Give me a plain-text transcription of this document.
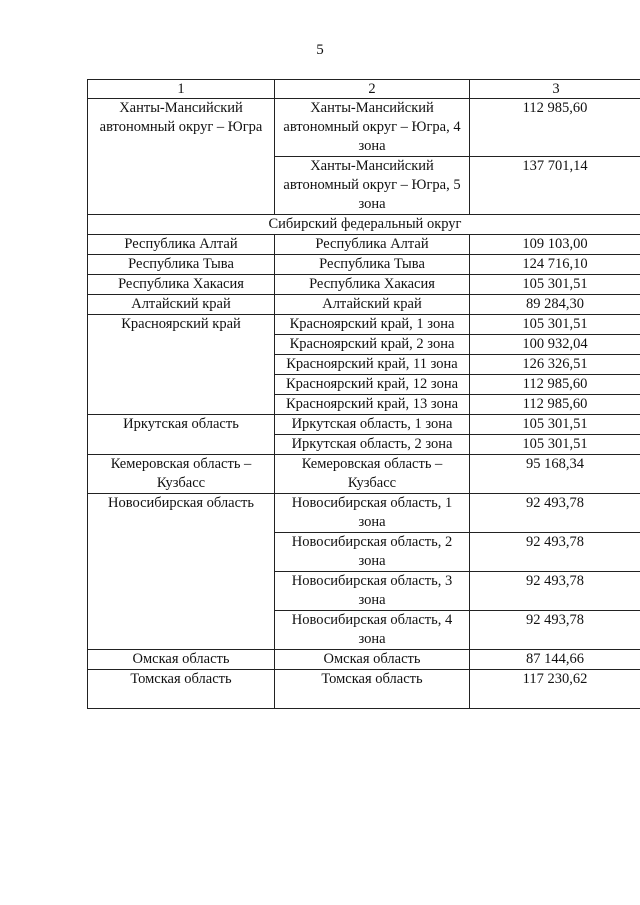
5
1	2	3
Ханты-Мансийский автономный округ – Югра	Ханты-Мансийский автономный округ – Югра, 4 зона	112 985,60
	Ханты-Мансийский автономный округ – Югра, 5 зона	137 701,14
Сибирский федеральный округ		
Республика Алтай	Республика Алтай	109 103,00
Республика Тыва	Республика Тыва	124 716,10
Республика Хакасия	Республика Хакасия	105 301,51
Алтайский край	Алтайский край	89 284,30
Красноярский край	Красноярский край, 1 зона	105 301,51
	Красноярский край, 2 зона	100 932,04
	Красноярский край, 11 зона	126 326,51
	Красноярский край, 12 зона	112 985,60
	Красноярский край, 13 зона	112 985,60
Иркутская область	Иркутская область, 1 зона	105 301,51
	Иркутская область, 2 зона	105 301,51
Кемеровская область – Кузбасс	Кемеровская область – Кузбасс	95 168,34
Новосибирская область	Новосибирская область, 1 зона	92 493,78
	Новосибирская область, 2 зона	92 493,78
	Новосибирская область, 3 зона	92 493,78
	Новосибирская область, 4 зона	92 493,78
Омская область	Омская область	87 144,66
Томская область	Томская область	117 230,62
